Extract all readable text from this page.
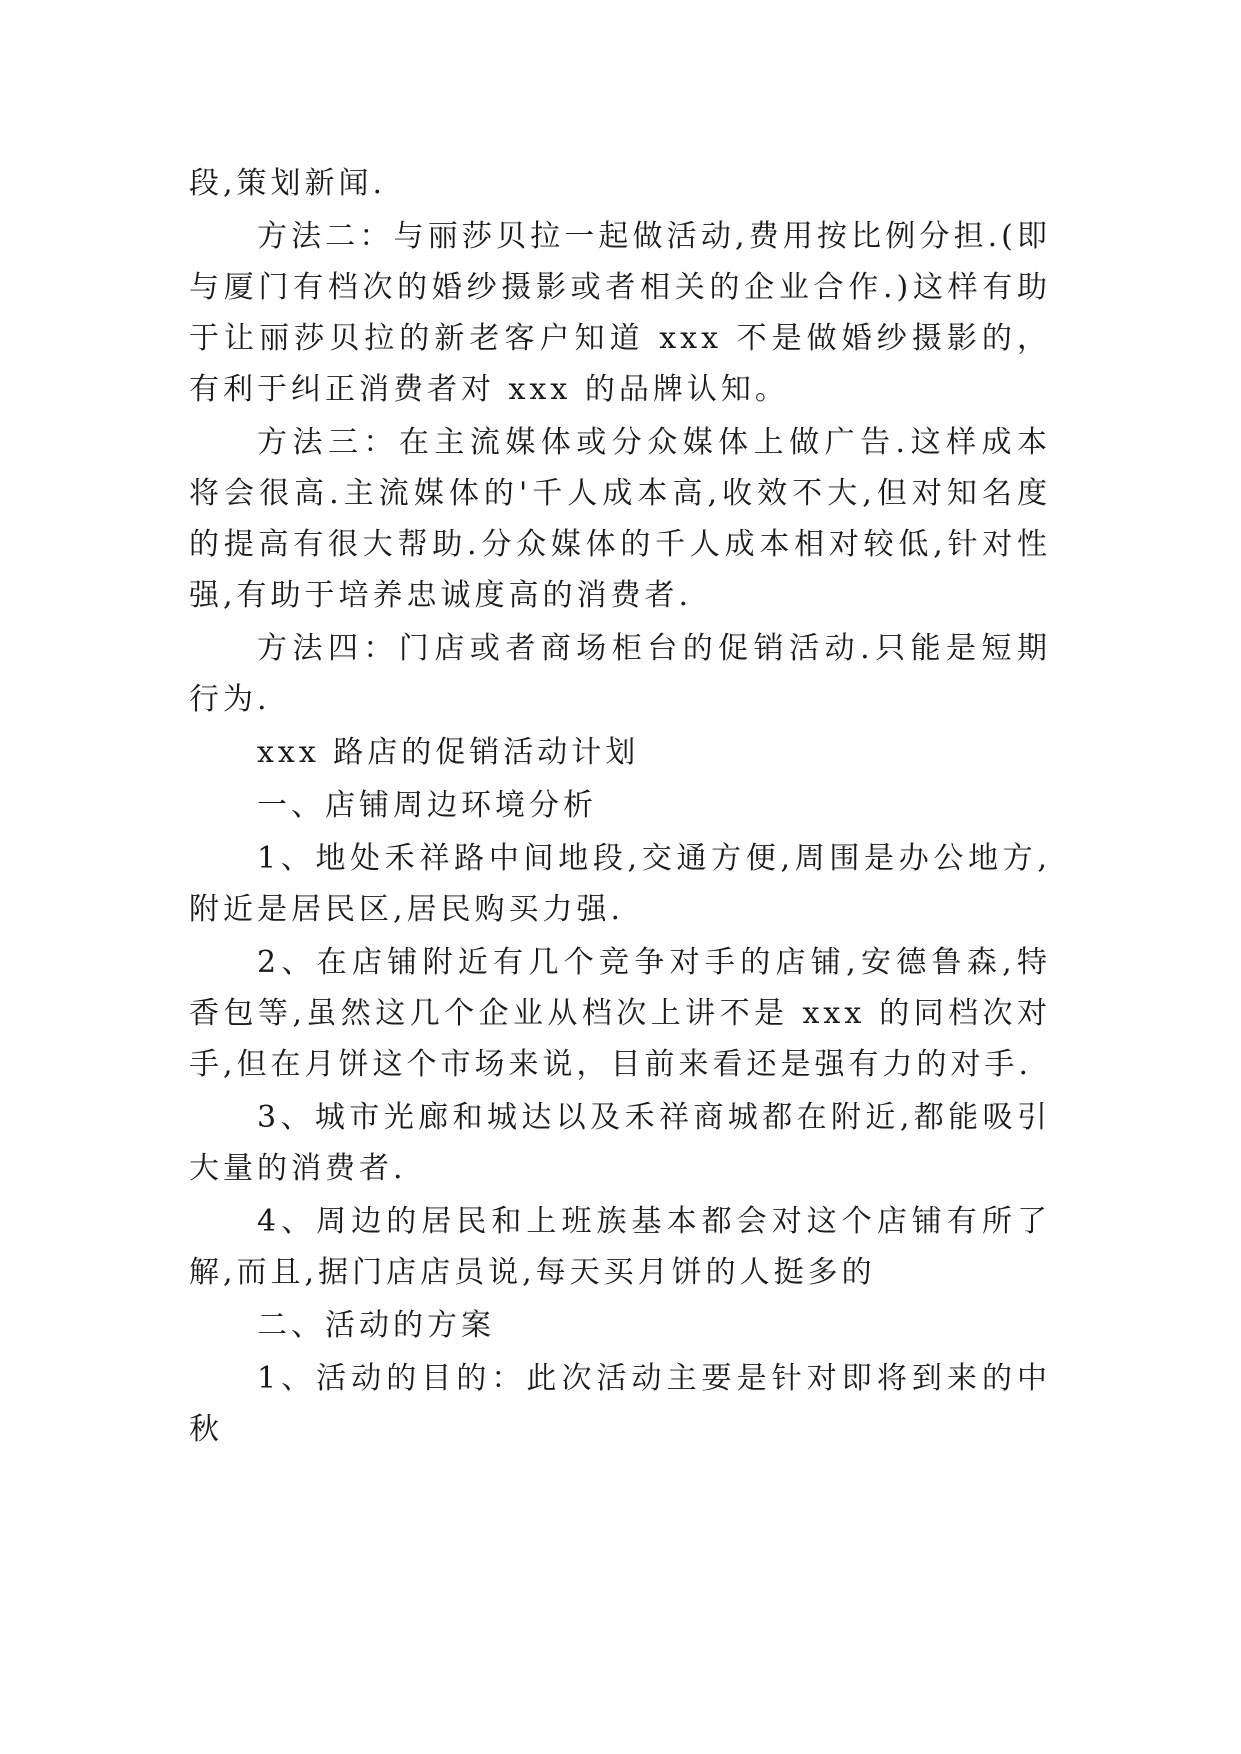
段,策划新闻.

方法二：与丽莎贝拉一起做活动,费用按比例分担.(即与厦门有档次的婚纱摄影或者相关的企业合作.)这样有助于让丽莎贝拉的新老客户知道 xxx 不是做婚纱摄影的，有利于纠正消费者对 xxx 的品牌认知。

方法三：在主流媒体或分众媒体上做广告.这样成本将会很高.主流媒体的'千人成本高,收效不大,但对知名度的提高有很大帮助.分众媒体的千人成本相对较低,针对性强,有助于培养忠诚度高的消费者.

方法四：门店或者商场柜台的促销活动.只能是短期行为.

xxx 路店的促销活动计划

一、店铺周边环境分析

1、地处禾祥路中间地段,交通方便,周围是办公地方,附近是居民区,居民购买力强.

2、在店铺附近有几个竞争对手的店铺,安德鲁森,特香包等,虽然这几个企业从档次上讲不是 xxx 的同档次对手,但在月饼这个市场来说，目前来看还是强有力的对手.

3、城市光廊和城达以及禾祥商城都在附近,都能吸引大量的消费者.

4、周边的居民和上班族基本都会对这个店铺有所了解,而且,据门店店员说,每天买月饼的人挺多的

二、活动的方案

1、活动的目的：此次活动主要是针对即将到来的中秋
